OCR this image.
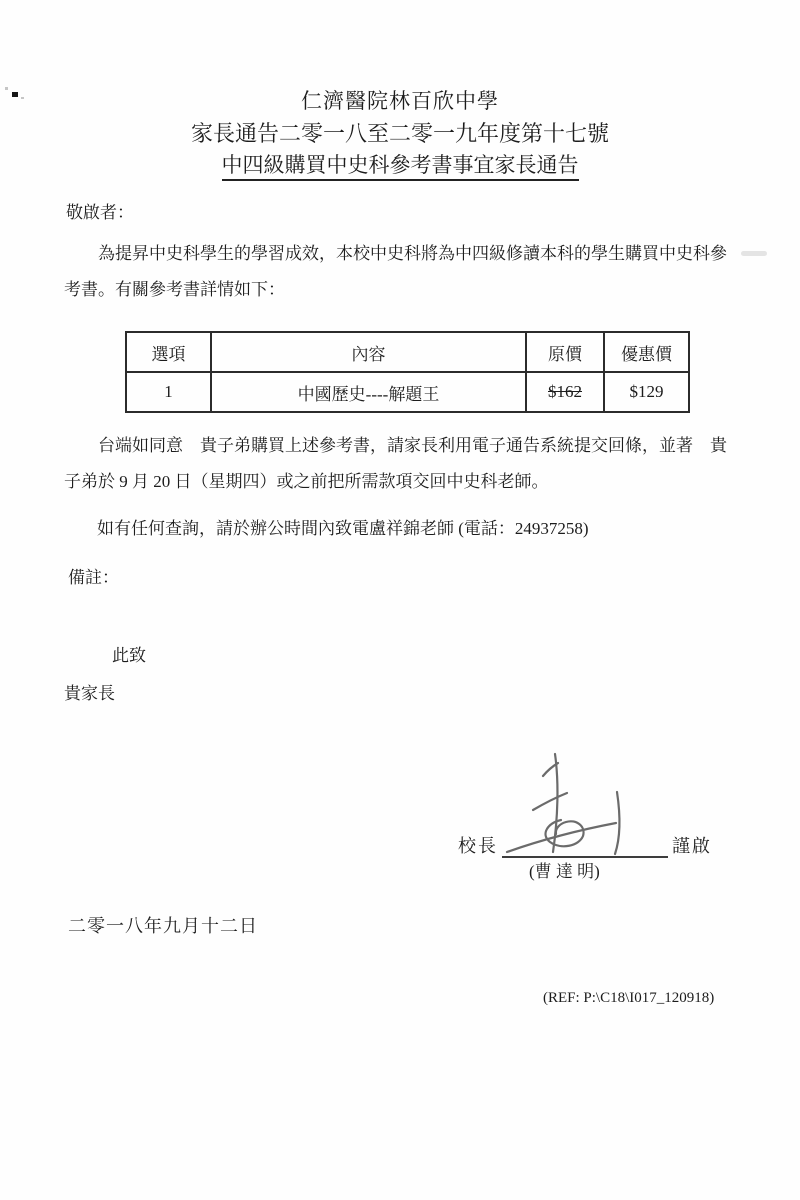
仁濟醫院林百欣中學
家長通告二零一八至二零一九年度第十七號
中四級購買中史科參考書事宜家長通告
敬啟者：
為提昇中史科學生的學習成效，本校中史科將為中四級修讀本科的學生購買中史科參
考書。有關參考書詳情如下：
選項	內容	原價	優惠價
1	中國歷史----解題王	$162	$129
台端如同意　貴子弟購買上述參考書，請家長利用電子通告系統提交回條，並著　貴
子弟於 9 月 20 日（星期四）或之前把所需款項交回中史科老師。
如有任何查詢，請於辦公時間內致電盧祥錦老師 (電話：24937258)
備註：
此致
貴家長
校長	謹啟
(曹 達 明)
二零一八年九月十二日
(REF: P:\C18\I017_120918)
